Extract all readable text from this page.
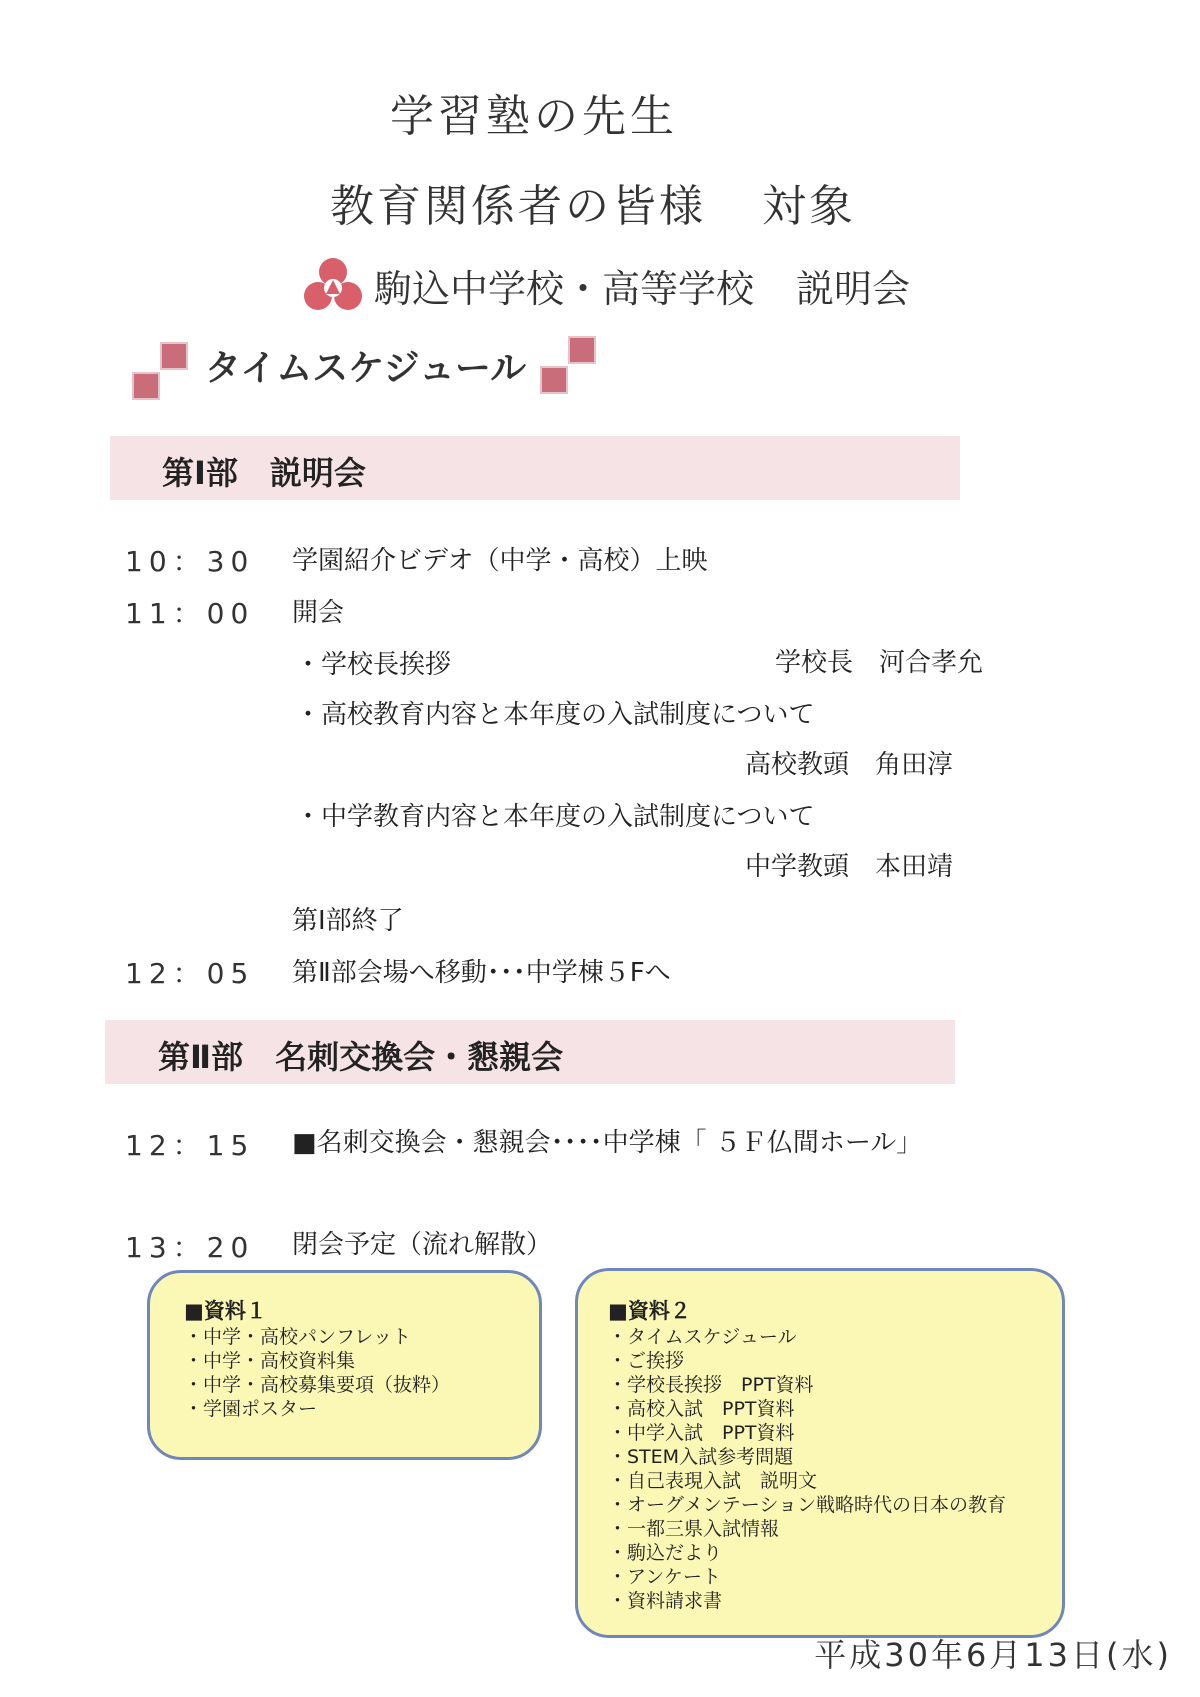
学習塾の先生
教育関係者の皆様 対象
駒込中学校・高等学校 説明会
タイムスケジュール
第Ⅰ部　説明会
10：30 学園紹介ビデオ（中学・高校）上映
11：00 開会
・学校長挨拶	学校長　河合孝允
・高校教育内容と本年度の入試制度について
高校教頭　角田淳
・中学教育内容と本年度の入試制度について
中学教頭　本田靖
第Ⅰ部終了
12：05 第Ⅱ部会場へ移動･･･中学棟５Fへ
第Ⅱ部　名刺交換会・懇親会
12：15 ■名刺交換会・懇親会････中学棟「 ５Ｆ仏間ホール」
13：20 閉会予定（流れ解散）
■資料１
・中学・高校パンフレット
・中学・高校資料集
・中学・高校募集要項（抜粋）
・学園ポスター
■資料２
・タイムスケジュール
・ご挨拶
・学校長挨拶　PPT資料
・高校入試　PPT資料
・中学入試　PPT資料
・STEM入試参考問題
・自己表現入試　説明文
・オーグメンテーション戦略時代の日本の教育
・一都三県入試情報
・駒込だより
・アンケート
・資料請求書
平成30年6月13日(水)
